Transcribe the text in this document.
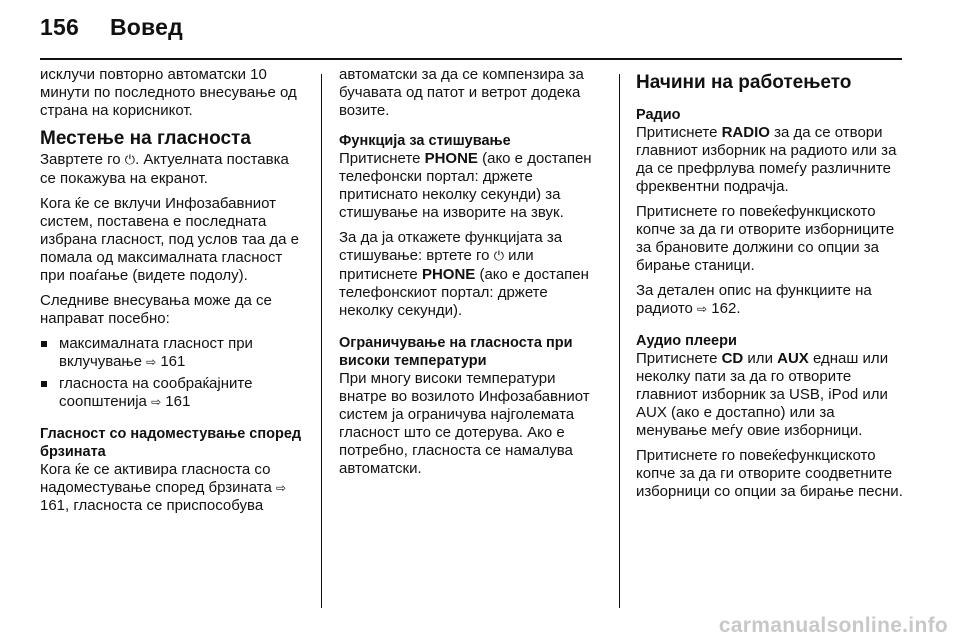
156 Вовед

исклучи повторно автоматски 10 минути по последното внесување од страна на корисникот.

Местење на гласноста

Завртете го ⏻. Актуелната поставка се покажува на екранот.

Кога ќе се вклучи Инфозабавниот систем, поставена е последната избрана гласност, под услов таа да е помала од максималната гласност при поаѓање (видете подолу).

Следниве внесувања може да се направат посебно:

максималната гласност при вклучување ⇨ 161
гласноста на сообраќајните соопштенија ⇨ 161
Гласност со надоместување според брзината

Кога ќе се активира гласноста со надоместување според брзината ⇨ 161, гласноста се приспособува

автоматски за да се компензира за бучавата од патот и ветрот додека возите.

Функција за стишување

Притиснете PHONE (ако е достапен телефонски портал: држете притиснато неколку секунди) за стишување на изворите на звук.

За да ја откажете функцијата за стишување: вртете го ⏻ или притиснете PHONE (ако е достапен телефонскиот портал: држете неколку секунди).

Ограничување на гласноста при високи температури

При многу високи температури внатре во возилото Инфозабавниот систем ја ограничува најголемата гласност што се дотерува. Ако е потребно, гласноста се намалува автоматски.

Начини на работењето
Радио

Притиснете RADIO за да се отвори главниот изборник на радиото или за да се префрлува помеѓу различните фреквентни подрачја.

Притиснете го повеќефункциското копче за да ги отворите изборниците за брановите должини со опции за бирање станици.

За детален опис на функциите на радиото ⇨ 162.

Аудио плеери

Притиснете CD или AUX еднаш или неколку пати за да го отворите главниот изборник за USB, iPod или AUX (ако е достапно) или за менување меѓу овие изборници.

Притиснете го повеќефункциското копче за да ги отворите соодветните изборници со опции за бирање песни.

carmanualsonline.info
